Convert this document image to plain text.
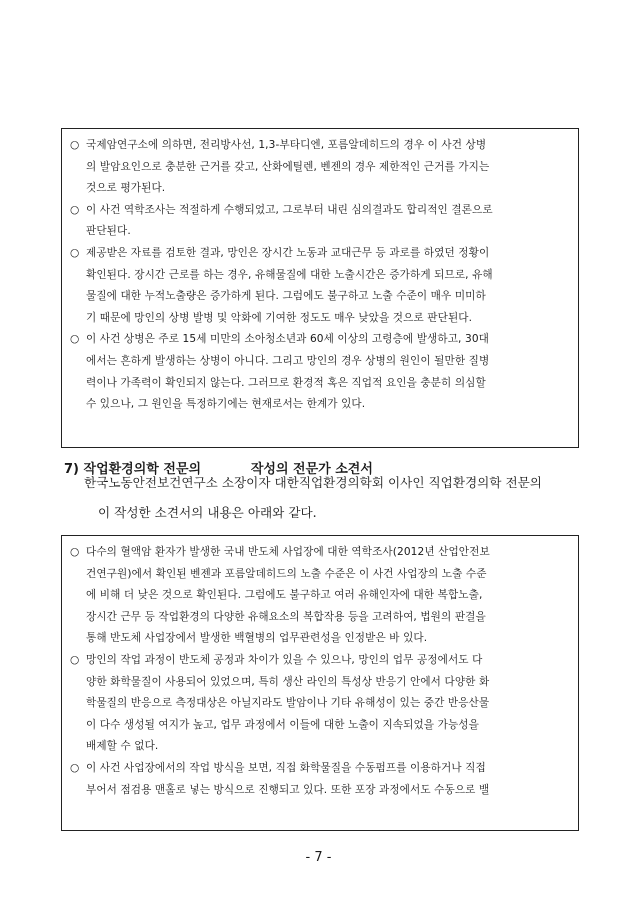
○ 국제암연구소에 의하면, 전리방사선, 1,3-부타디엔, 포름알데히드의 경우 이 사건 상병
의 발암요인으로 충분한 근거를 갖고, 산화에틸렌, 벤젠의 경우 제한적인 근거를 가지는
것으로 평가된다.
○ 이 사건 역학조사는 적절하게 수행되었고, 그로부터 내린 심의결과도 합리적인 결론으로
판단된다.
○ 제공받은 자료를 검토한 결과, 망인은 장시간 노동과 교대근무 등 과로를 하였던 정황이
확인된다. 장시간 근로를 하는 경우, 유해물질에 대한 노출시간은 증가하게 되므로, 유해
물질에 대한 누적노출량은 증가하게 된다. 그럼에도 불구하고 노출 수준이 매우 미미하
기 때문에 망인의 상병 발병 및 악화에 기여한 정도도 매우 낮았을 것으로 판단된다.
○ 이 사건 상병은 주로 15세 미만의 소아청소년과 60세 이상의 고령층에 발생하고, 30대
에서는 흔하게 발생하는 상병이 아니다. 그리고 망인의 경우 상병의 원인이 될만한 질병
력이나 가족력이 확인되지 않는다. 그러므로 환경적 혹은 직업적 요인을 충분히 의심할
수 있으나, 그 원인을 특정하기에는 현재로서는 한계가 있다.
7) 작업환경의학 전문의           작성의 전문가 소견서
한국노동안전보건연구소 소장이자 대한직업환경의학회 이사인 직업환경의학 전문의
이 작성한 소견서의 내용은 아래와 같다.
○ 다수의 혈액암 환자가 발생한 국내 반도체 사업장에 대한 역학조사(2012년 산업안전보
건연구원)에서 확인된 벤젠과 포름알데히드의 노출 수준은 이 사건 사업장의 노출 수준
에 비해 더 낮은 것으로 확인된다. 그럼에도 불구하고 여러 유해인자에 대한 복합노출,
장시간 근무 등 작업환경의 다양한 유해요소의 복합작용 등을 고려하여, 법원의 판결을
통해 반도체 사업장에서 발생한 백혈병의 업무관련성을 인정받은 바 있다.
○ 망인의 작업 과정이 반도체 공정과 차이가 있을 수 있으나, 망인의 업무 공정에서도 다
양한 화학물질이 사용되어 있었으며, 특히 생산 라인의 특성상 반응기 안에서 다양한 화
학물질의 반응으로 측정대상은 아닐지라도 발암이나 기타 유해성이 있는 중간 반응산물
이 다수 생성될 여지가 높고, 업무 과정에서 이들에 대한 노출이 지속되었을 가능성을
배제할 수 없다.
○ 이 사건 사업장에서의 작업 방식을 보면, 직접 화학물질을 수동펌프를 이용하거나 직접
부어서 점검용 맨홀로 넣는 방식으로 진행되고 있다. 또한 포장 과정에서도 수동으로 밸
- 7 -
